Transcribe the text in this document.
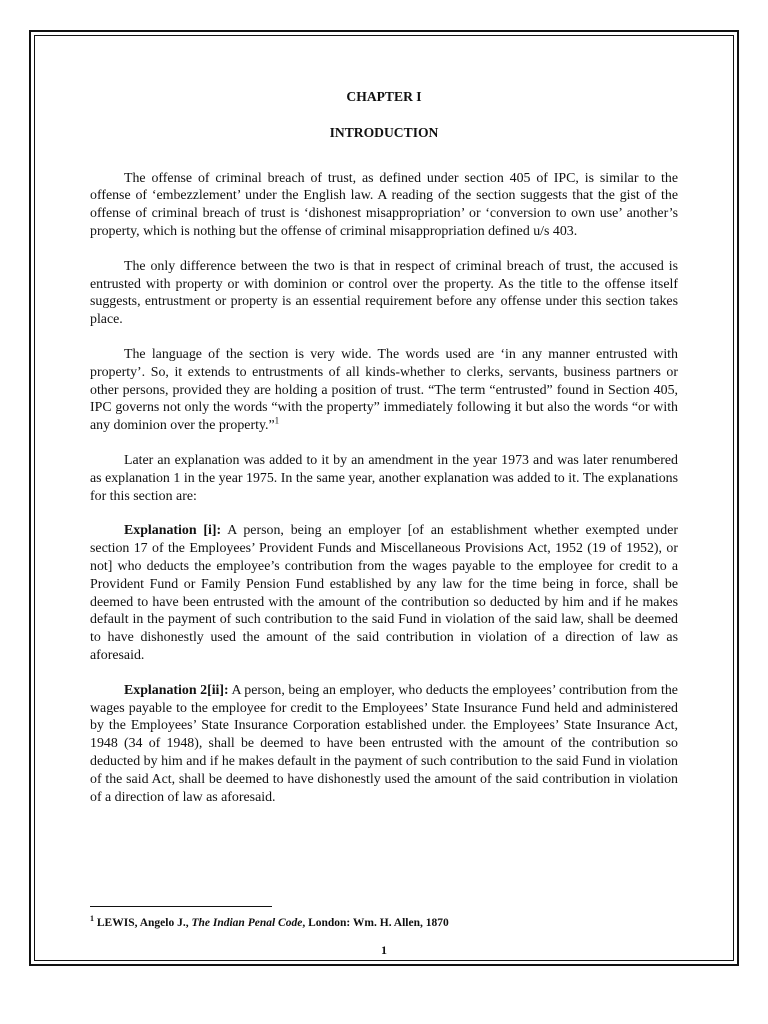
CHAPTER I

INTRODUCTION

The offense of criminal breach of trust, as defined under section 405 of IPC, is similar to the offense of ‘embezzlement’ under the English law. A reading of the section suggests that the gist of the offense of criminal breach of trust is ‘dishonest misappropriation’ or ‘conversion to own use’ another’s property, which is nothing but the offense of criminal misappropriation defined u/s 403.

The only difference between the two is that in respect of criminal breach of trust, the accused is entrusted with property or with dominion or control over the property. As the title to the offense itself suggests, entrustment or property is an essential requirement before any offense under this section takes place.

The language of the section is very wide. The words used are ‘in any manner entrusted with property’. So, it extends to entrustments of all kinds-whether to clerks, servants, business partners or other persons, provided they are holding a position of trust. “The term “entrusted” found in Section 405, IPC governs not only the words “with the property” immediately following it but also the words “or with any dominion over the property.”$^1$

Later an explanation was added to it by an amendment in the year 1973 and was later renumbered as explanation 1 in the year 1975. In the same year, another explanation was added to it. The explanations for this section are:

Explanation [i]: A person, being an employer [of an establishment whether exempted under section 17 of the Employees’ Provident Funds and Miscellaneous Provisions Act, 1952 (19 of 1952), or not] who deducts the employee’s contribution from the wages payable to the employee for credit to a Provident Fund or Family Pension Fund established by any law for the time being in force, shall be deemed to have been entrusted with the amount of the contribution so deducted by him and if he makes default in the payment of such contribution to the said Fund in violation of the said law, shall be deemed to have dishonestly used the amount of the said contribution in violation of a direction of law as aforesaid.

Explanation 2[ii]: A person, being an employer, who deducts the employees’ contribution from the wages payable to the employee for credit to the Employees’ State Insurance Fund held and administered by the Employees’ State Insurance Corporation established under. the Employees’ State Insurance Act, 1948 (34 of 1948), shall be deemed to have been entrusted with the amount of the contribution so deducted by him and if he makes default in the payment of such contribution to the said Fund in violation of the said Act, shall be deemed to have dishonestly used the amount of the said contribution in violation of a direction of law as aforesaid.

$^1$ LEWIS, Angelo J., The Indian Penal Code, London: Wm. H. Allen, 1870
1
